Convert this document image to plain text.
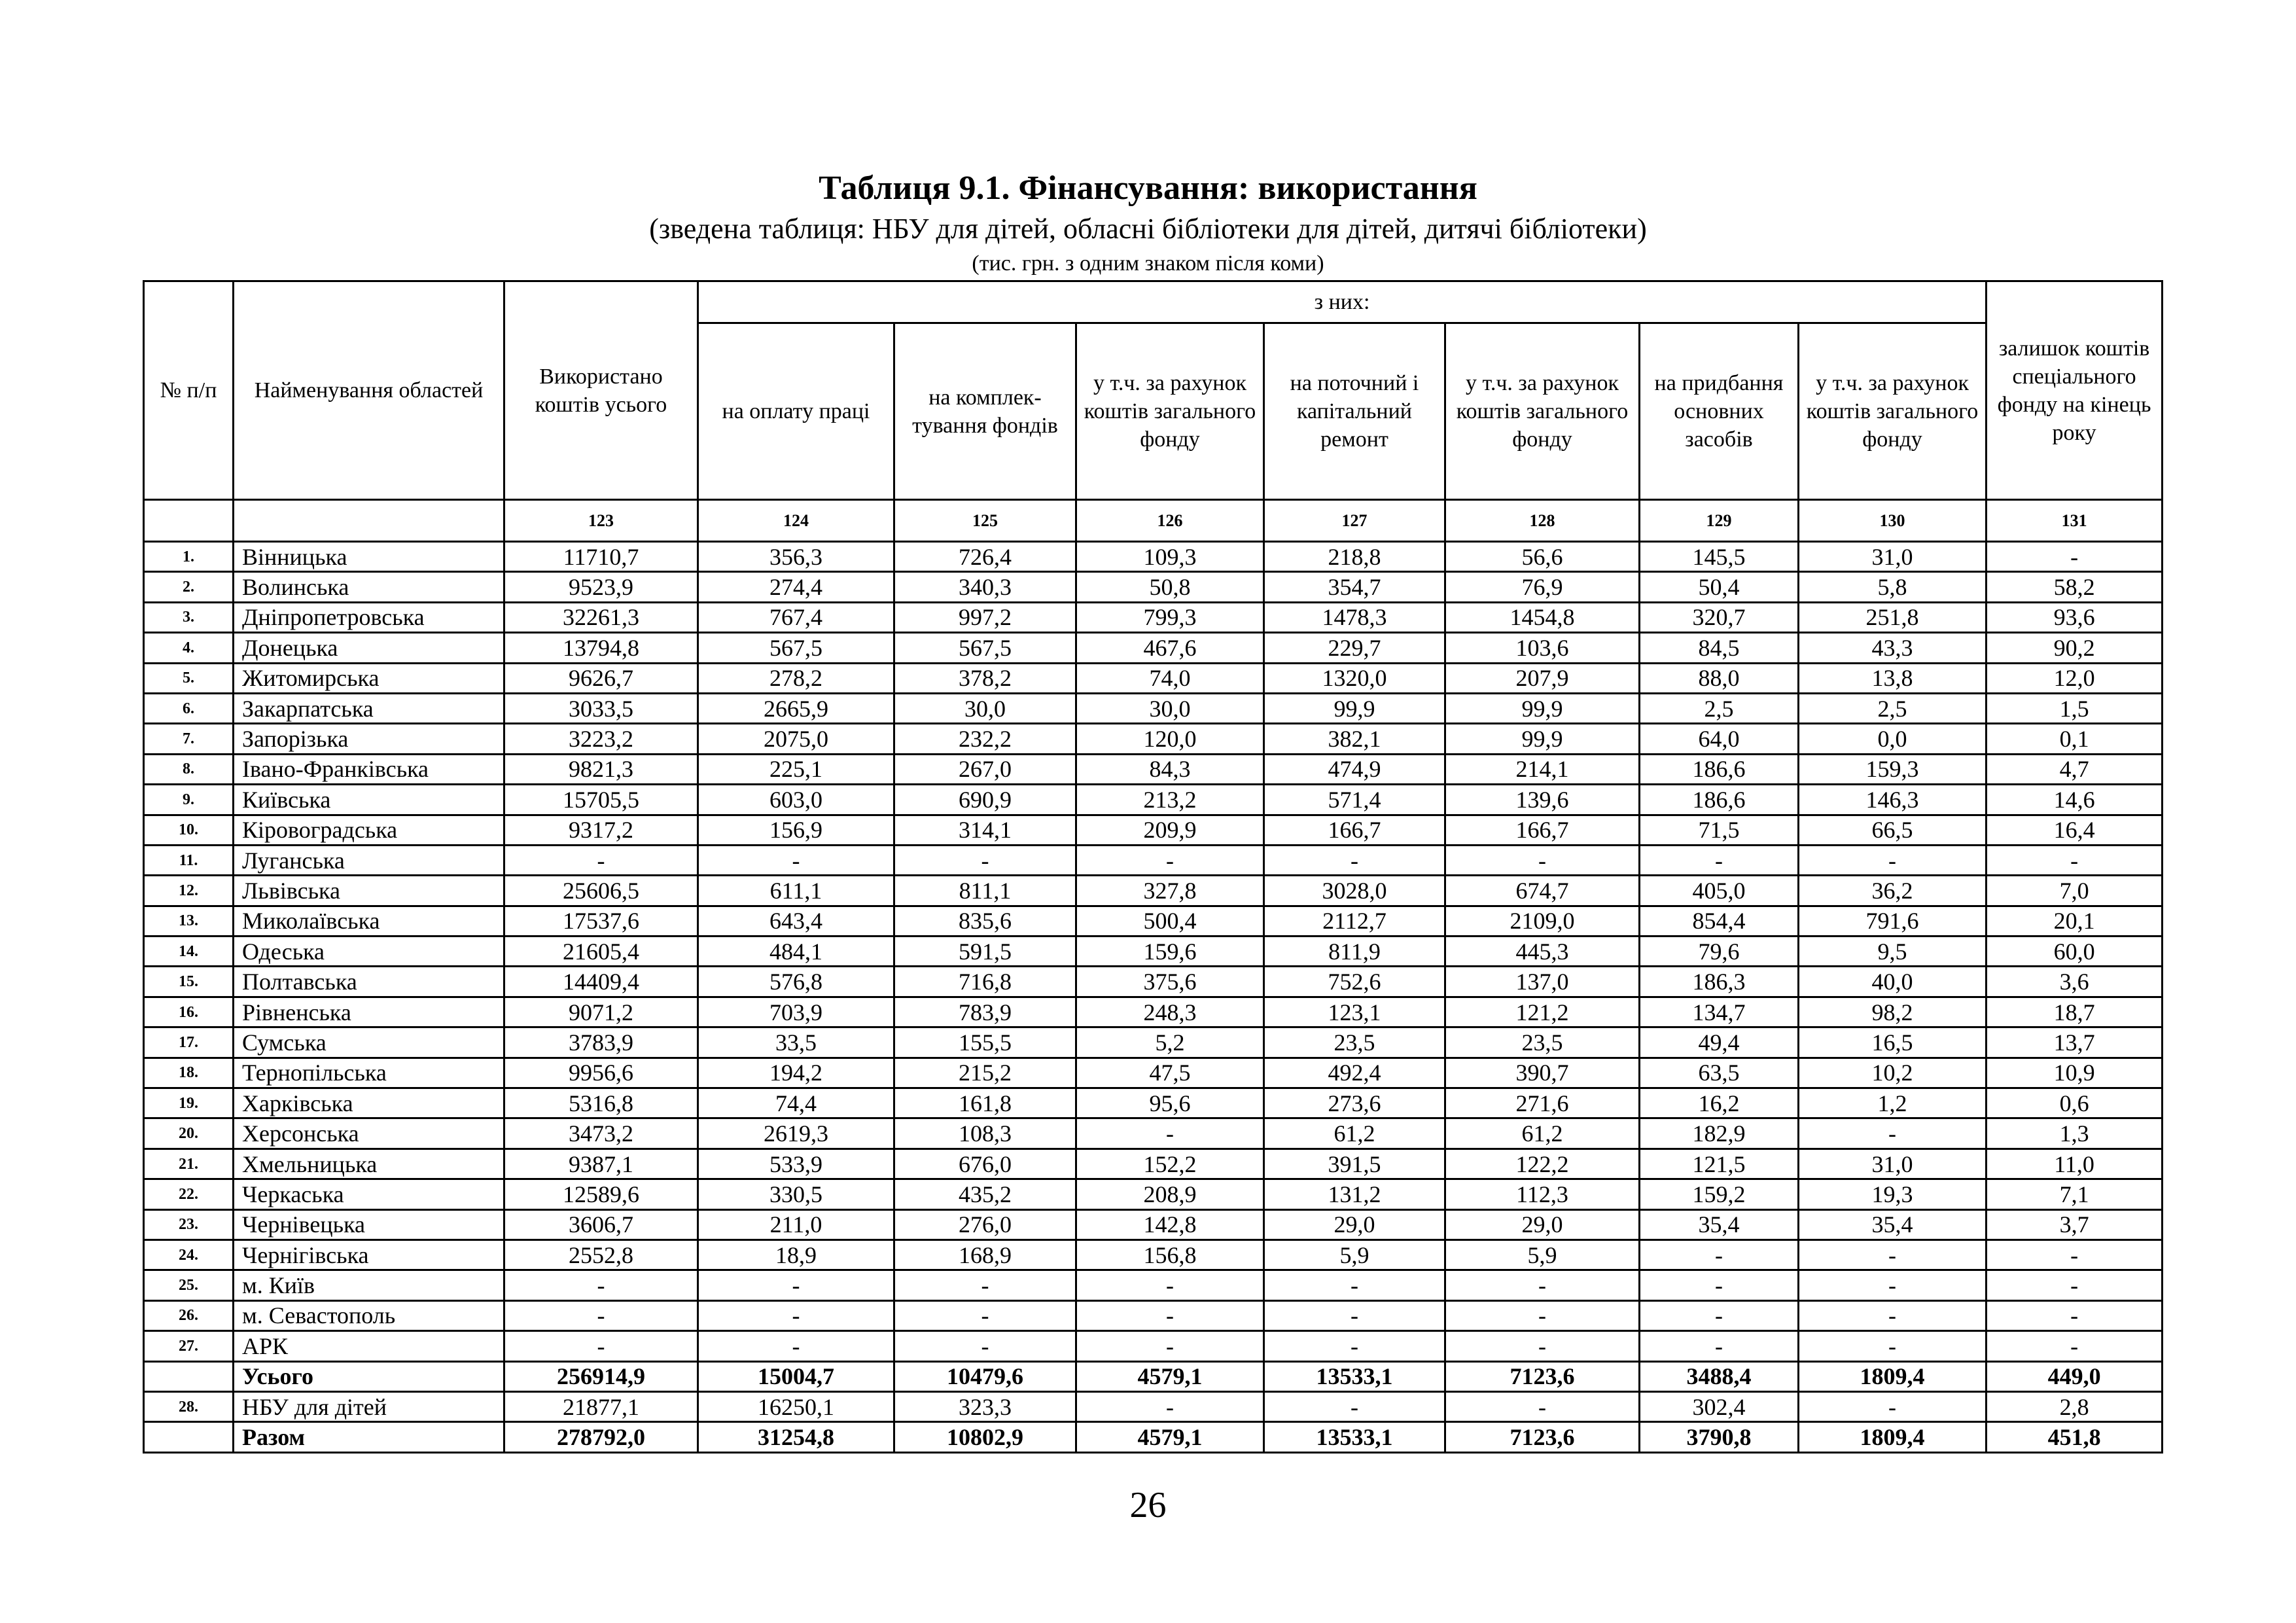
Таблиця 9.1. Фінансування: використання
(зведена таблиця: НБУ для дітей, обласні бібліотеки для дітей, дитячі бібліотеки)
(тис. грн. з одним знаком після коми)
№ п/п	Найменування областей	Використано коштів усього	з них:							залишок коштів спеціального фонду на кінець року
			на оплату праці	на комплек-тування фондів	у т.ч. за рахунок коштів загального фонду	на поточний і капітальний ремонт	у т.ч. за рахунок коштів загального фонду	на придбання основних засобів	у т.ч. за рахунок коштів загального фонду	
		123	124	125	126	127	128	129	130	131
1.	Вінницька	11710,7	356,3	726,4	109,3	218,8	56,6	145,5	31,0	-
2.	Волинська	9523,9	274,4	340,3	50,8	354,7	76,9	50,4	5,8	58,2
3.	Дніпропетровська	32261,3	767,4	997,2	799,3	1478,3	1454,8	320,7	251,8	93,6
4.	Донецька	13794,8	567,5	567,5	467,6	229,7	103,6	84,5	43,3	90,2
5.	Житомирська	9626,7	278,2	378,2	74,0	1320,0	207,9	88,0	13,8	12,0
6.	Закарпатська	3033,5	2665,9	30,0	30,0	99,9	99,9	2,5	2,5	1,5
7.	Запорізька	3223,2	2075,0	232,2	120,0	382,1	99,9	64,0	0,0	0,1
8.	Івано-Франківська	9821,3	225,1	267,0	84,3	474,9	214,1	186,6	159,3	4,7
9.	Київська	15705,5	603,0	690,9	213,2	571,4	139,6	186,6	146,3	14,6
10.	Кіровоградська	9317,2	156,9	314,1	209,9	166,7	166,7	71,5	66,5	16,4
11.	Луганська	-	-	-	-	-	-	-	-	-
12.	Львівська	25606,5	611,1	811,1	327,8	3028,0	674,7	405,0	36,2	7,0
13.	Миколаївська	17537,6	643,4	835,6	500,4	2112,7	2109,0	854,4	791,6	20,1
14.	Одеська	21605,4	484,1	591,5	159,6	811,9	445,3	79,6	9,5	60,0
15.	Полтавська	14409,4	576,8	716,8	375,6	752,6	137,0	186,3	40,0	3,6
16.	Рівненська	9071,2	703,9	783,9	248,3	123,1	121,2	134,7	98,2	18,7
17.	Сумська	3783,9	33,5	155,5	5,2	23,5	23,5	49,4	16,5	13,7
18.	Тернопільська	9956,6	194,2	215,2	47,5	492,4	390,7	63,5	10,2	10,9
19.	Харківська	5316,8	74,4	161,8	95,6	273,6	271,6	16,2	1,2	0,6
20.	Херсонська	3473,2	2619,3	108,3	-	61,2	61,2	182,9	-	1,3
21.	Хмельницька	9387,1	533,9	676,0	152,2	391,5	122,2	121,5	31,0	11,0
22.	Черкаська	12589,6	330,5	435,2	208,9	131,2	112,3	159,2	19,3	7,1
23.	Чернівецька	3606,7	211,0	276,0	142,8	29,0	29,0	35,4	35,4	3,7
24.	Чернігівська	2552,8	18,9	168,9	156,8	5,9	5,9	-	-	-
25.	м. Київ	-	-	-	-	-	-	-	-	-
26.	м. Севастополь	-	-	-	-	-	-	-	-	-
27.	АРК	-	-	-	-	-	-	-	-	-
	Усього	256914,9	15004,7	10479,6	4579,1	13533,1	7123,6	3488,4	1809,4	449,0
28.	НБУ для дітей	21877,1	16250,1	323,3	-	-	-	302,4	-	2,8
	Разом	278792,0	31254,8	10802,9	4579,1	13533,1	7123,6	3790,8	1809,4	451,8
26
